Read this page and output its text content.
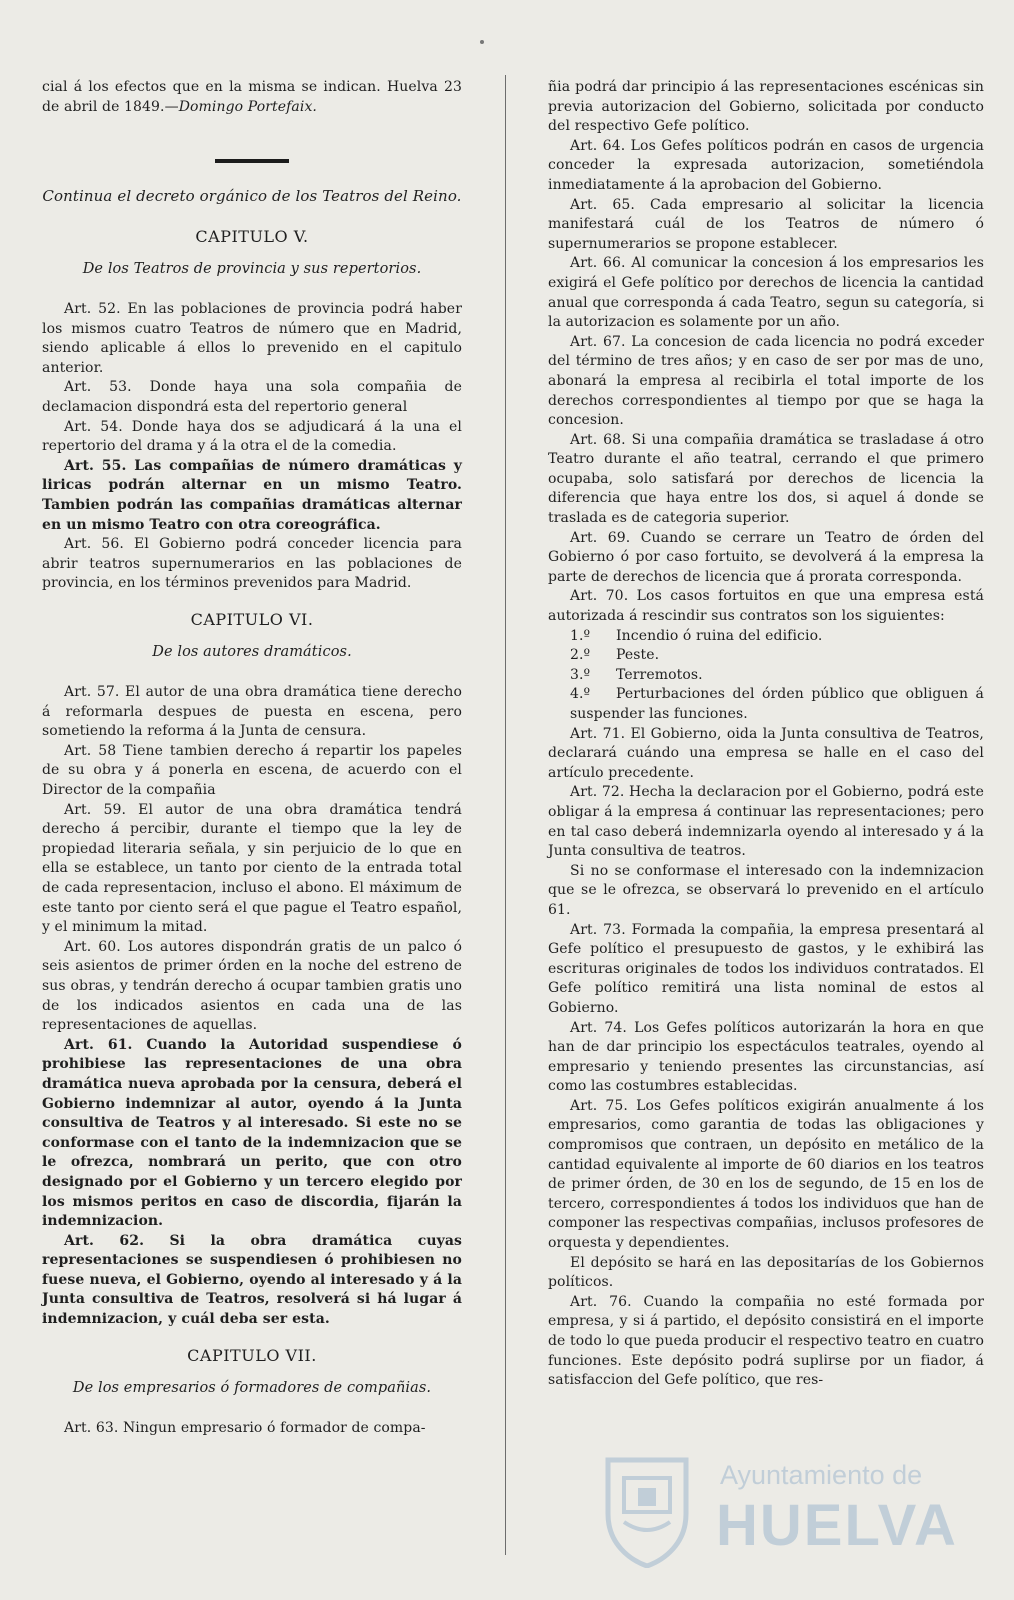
cial á los efectos que en la misma se indican. Huelva 23 de abril de 1849.—Domingo Portefaix.

Continua el decreto orgánico de los Teatros del Reino.

CAPITULO V.

De los Teatros de provincia y sus repertorios.

Art. 52. En las poblaciones de provincia podrá haber los mismos cuatro Teatros de número que en Madrid, siendo aplicable á ellos lo prevenido en el capitulo anterior.

Art. 53. Donde haya una sola compañia de declamacion dispondrá esta del repertorio general

Art. 54. Donde haya dos se adjudicará á la una el repertorio del drama y á la otra el de la comedia.

Art. 55. Las compañias de número dramáticas y liricas podrán alternar en un mismo Teatro. Tambien podrán las compañias dramáticas alternar en un mismo Teatro con otra coreográfica.

Art. 56. El Gobierno podrá conceder licencia para abrir teatros supernumerarios en las poblaciones de provincia, en los términos prevenidos para Madrid.

CAPITULO VI.

De los autores dramáticos.

Art. 57. El autor de una obra dramática tiene derecho á reformarla despues de puesta en escena, pero sometiendo la reforma á la Junta de censura.

Art. 58 Tiene tambien derecho á repartir los papeles de su obra y á ponerla en escena, de acuerdo con el Director de la compañia

Art. 59. El autor de una obra dramática tendrá derecho á percibir, durante el tiempo que la ley de propiedad literaria señala, y sin perjuicio de lo que en ella se establece, un tanto por ciento de la entrada total de cada representacion, incluso el abono. El máximum de este tanto por ciento será el que pague el Teatro español, y el minimum la mitad.

Art. 60. Los autores dispondrán gratis de un palco ó seis asientos de primer órden en la noche del estreno de sus obras, y tendrán derecho á ocupar tambien gratis uno de los indicados asientos en cada una de las representaciones de aquellas.

Art. 61. Cuando la Autoridad suspendiese ó prohibiese las representaciones de una obra dramática nueva aprobada por la censura, deberá el Gobierno indemnizar al autor, oyendo á la Junta consultiva de Teatros y al interesado. Si este no se conformase con el tanto de la indemnizacion que se le ofrezca, nombrará un perito, que con otro designado por el Gobierno y un tercero elegido por los mismos peritos en caso de discordia, fijarán la indemnizacion.

Art. 62. Si la obra dramática cuyas representaciones se suspendiesen ó prohibiesen no fuese nueva, el Gobierno, oyendo al interesado y á la Junta consultiva de Teatros, resolverá si há lugar á indemnizacion, y cuál deba ser esta.

CAPITULO VII.

De los empresarios ó formadores de compañias.

Art. 63. Ningun empresario ó formador de compa-

ñia podrá dar principio á las representaciones escénicas sin previa autorizacion del Gobierno, solicitada por conducto del respectivo Gefe político.

Art. 64. Los Gefes políticos podrán en casos de urgencia conceder la expresada autorizacion, sometiéndola inmediatamente á la aprobacion del Gobierno.

Art. 65. Cada empresario al solicitar la licencia manifestará cuál de los Teatros de número ó supernumerarios se propone establecer.

Art. 66. Al comunicar la concesion á los empresarios les exigirá el Gefe político por derechos de licencia la cantidad anual que corresponda á cada Teatro, segun su categoría, si la autorizacion es solamente por un año.

Art. 67. La concesion de cada licencia no podrá exceder del término de tres años; y en caso de ser por mas de uno, abonará la empresa al recibirla el total importe de los derechos correspondientes al tiempo por que se haga la concesion.

Art. 68. Si una compañia dramática se trasladase á otro Teatro durante el año teatral, cerrando el que primero ocupaba, solo satisfará por derechos de licencia la diferencia que haya entre los dos, si aquel á donde se traslada es de categoria superior.

Art. 69. Cuando se cerrare un Teatro de órden del Gobierno ó por caso fortuito, se devolverá á la empresa la parte de derechos de licencia que á prorata corresponda.

Art. 70. Los casos fortuitos en que una empresa está autorizada á rescindir sus contratos son los siguientes:

1.º Incendio ó ruina del edificio.
2.º Peste.
3.º Terremotos.

4.º Perturbaciones del órden público que obliguen á suspender las funciones.

Art. 71. El Gobierno, oida la Junta consultiva de Teatros, declarará cuándo una empresa se halle en el caso del artículo precedente.

Art. 72. Hecha la declaracion por el Gobierno, podrá este obligar á la empresa á continuar las representaciones; pero en tal caso deberá indemnizarla oyendo al interesado y á la Junta consultiva de teatros.

Si no se conformase el interesado con la indemnizacion que se le ofrezca, se observará lo prevenido en el artículo 61.

Art. 73. Formada la compañia, la empresa presentará al Gefe político el presupuesto de gastos, y le exhibirá las escrituras originales de todos los individuos contratados. El Gefe político remitirá una lista nominal de estos al Gobierno.

Art. 74. Los Gefes políticos autorizarán la hora en que han de dar principio los espectáculos teatrales, oyendo al empresario y teniendo presentes las circunstancias, así como las costumbres establecidas.

Art. 75. Los Gefes políticos exigirán anualmente á los empresarios, como garantia de todas las obligaciones y compromisos que contraen, un depósito en metálico de la cantidad equivalente al importe de 60 diarios en los teatros de primer órden, de 30 en los de segundo, de 15 en los de tercero, correspondientes á todos los individuos que han de componer las respectivas compañias, inclusos profesores de orquesta y dependientes.

El depósito se hará en las depositarías de los Gobiernos políticos.

Art. 76. Cuando la compañia no esté formada por empresa, y si á partido, el depósito consistirá en el importe de todo lo que pueda producir el respectivo teatro en cuatro funciones. Este depósito podrá suplirse por un fiador, á satisfaccion del Gefe político, que res-

Ayuntamiento de
HUELVA
